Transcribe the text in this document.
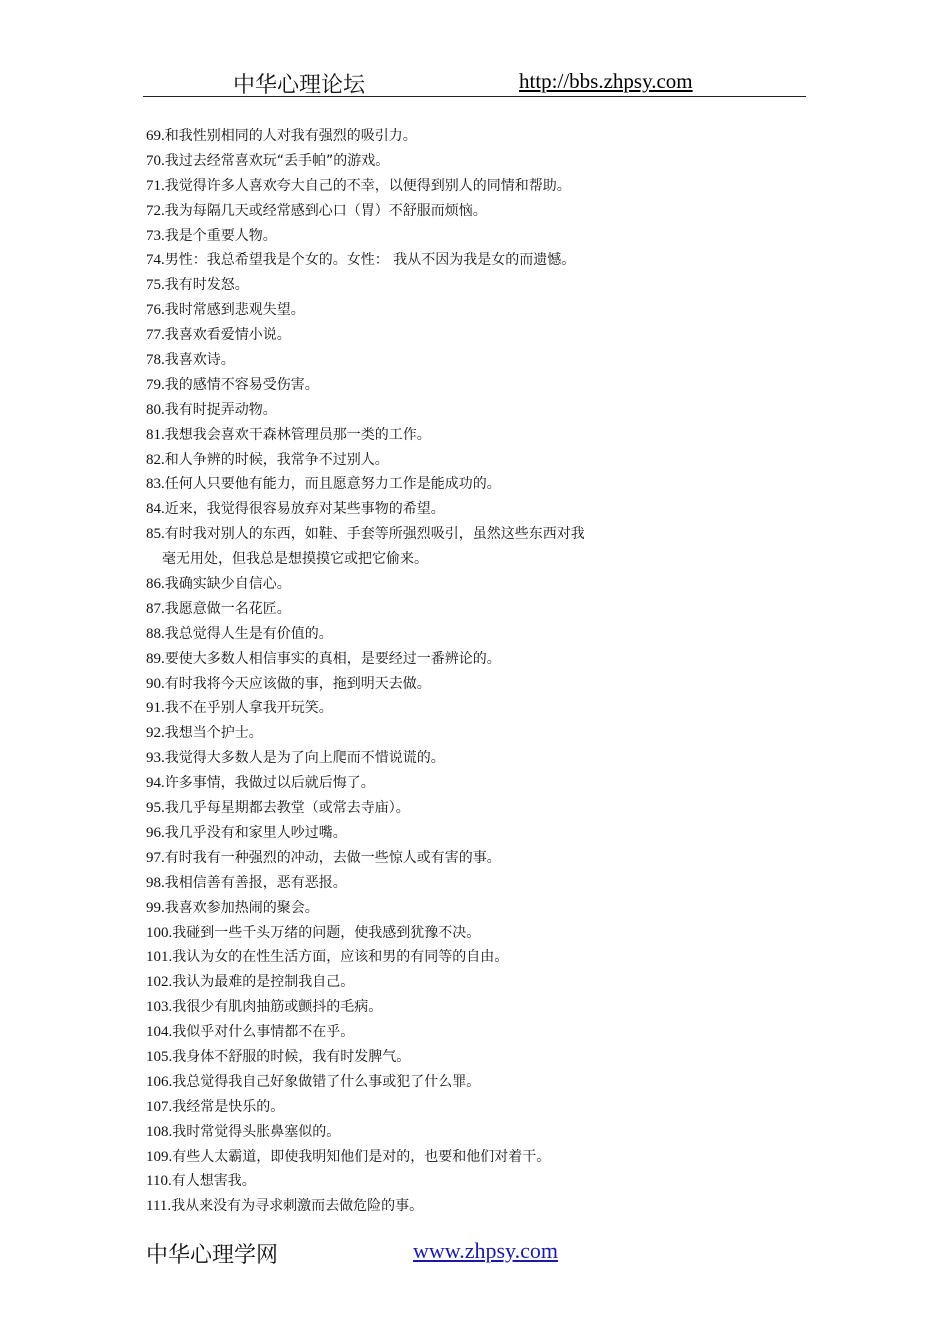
中华心理论坛	http://bbs.zhpsy.com
69.和我性别相同的人对我有强烈的吸引力。
70.我过去经常喜欢玩“丢手帕”的游戏。
71.我觉得许多人喜欢夸大自己的不幸，以便得到别人的同情和帮助。
72.我为每隔几天或经常感到心口（胃）不舒服而烦恼。
73.我是个重要人物。
74.男性：我总希望我是个女的。女性： 我从不因为我是女的而遗憾。
75.我有时发怒。
76.我时常感到悲观失望。
77.我喜欢看爱情小说。
78.我喜欢诗。
79.我的感情不容易受伤害。
80.我有时捉弄动物。
81.我想我会喜欢干森林管理员那一类的工作。
82.和人争辨的时候，我常争不过别人。
83.任何人只要他有能力，而且愿意努力工作是能成功的。
84.近来，我觉得很容易放弃对某些事物的希望。
85.有时我对别人的东西，如鞋、手套等所强烈吸引，虽然这些东西对我
毫无用处，但我总是想摸摸它或把它偷来。
86.我确实缺少自信心。
87.我愿意做一名花匠。
88.我总觉得人生是有价值的。
89.要使大多数人相信事实的真相，是要经过一番辨论的。
90.有时我将今天应该做的事，拖到明天去做。
91.我不在乎别人拿我开玩笑。
92.我想当个护士。
93.我觉得大多数人是为了向上爬而不惜说谎的。
94.许多事情，我做过以后就后悔了。
95.我几乎每星期都去教堂（或常去寺庙）。
96.我几乎没有和家里人吵过嘴。
97.有时我有一种强烈的冲动，去做一些惊人或有害的事。
98.我相信善有善报，恶有恶报。
99.我喜欢参加热闹的聚会。
100.我碰到一些千头万绪的问题，使我感到犹豫不决。
101.我认为女的在性生活方面，应该和男的有同等的自由。
102.我认为最难的是控制我自己。
103.我很少有肌肉抽筋或颤抖的毛病。
104.我似乎对什么事情都不在乎。
105.我身体不舒服的时候，我有时发脾气。
106.我总觉得我自己好象做错了什么事或犯了什么罪。
107.我经常是快乐的。
108.我时常觉得头胀鼻塞似的。
109.有些人太霸道，即使我明知他们是对的，也要和他们对着干。
110.有人想害我。
111.我从来没有为寻求刺激而去做危险的事。
中华心理学网	www.zhpsy.com
